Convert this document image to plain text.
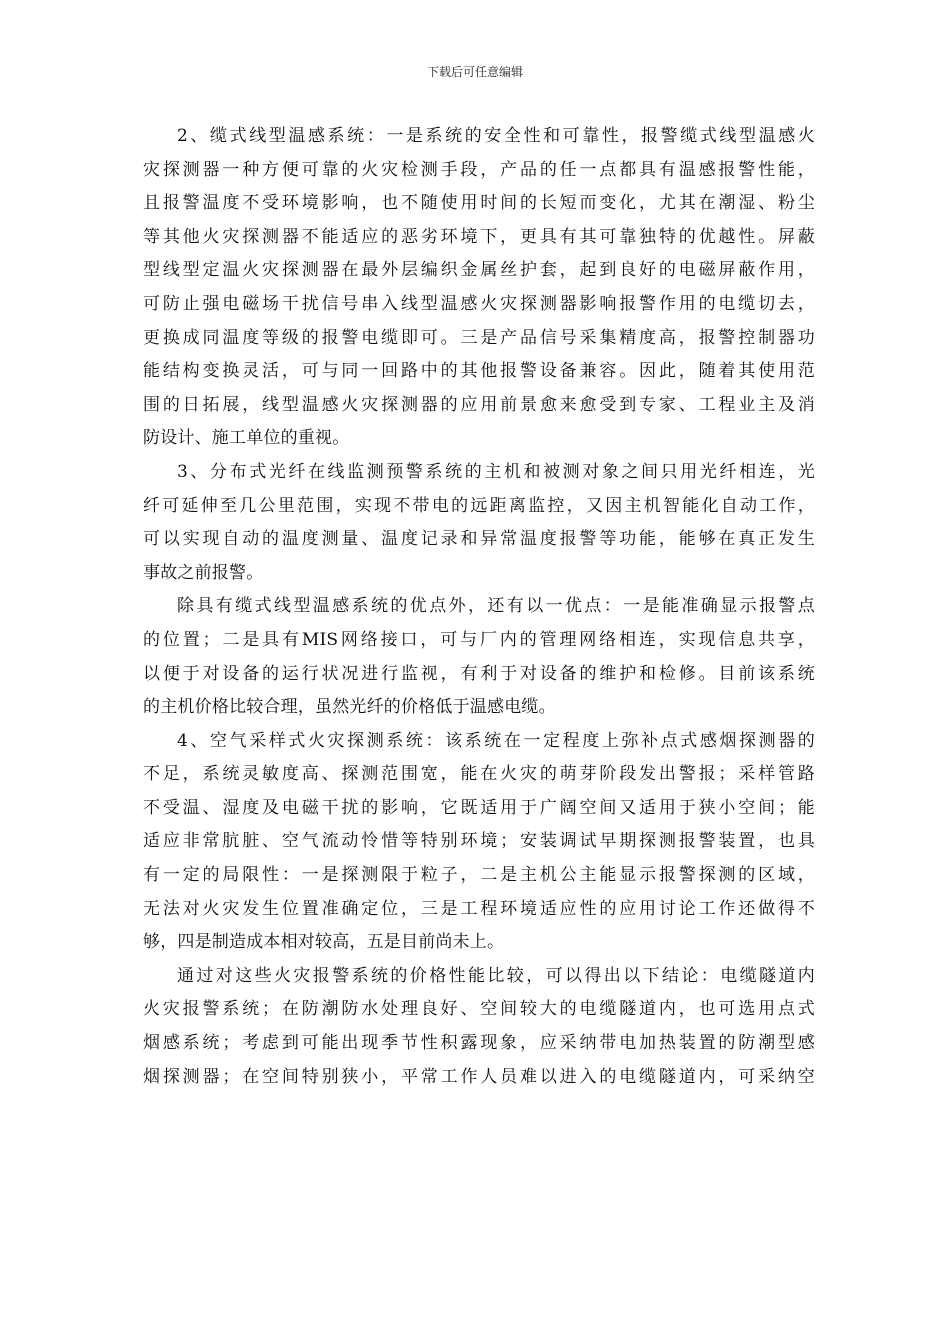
下载后可任意编辑
2、缆式线型温感系统：一是系统的安全性和可靠性，报警缆式线型温感火
灾探测器一种方便可靠的火灾检测手段，产品的任一点都具有温感报警性能，
且报警温度不受环境影响，也不随使用时间的长短而变化，尤其在潮湿、粉尘
等其他火灾探测器不能适应的恶劣环境下，更具有其可靠独特的优越性。屏蔽
型线型定温火灾探测器在最外层编织金属丝护套，起到良好的电磁屏蔽作用，
可防止强电磁场干扰信号串入线型温感火灾探测器影响报警作用的电缆切去，
更换成同温度等级的报警电缆即可。三是产品信号采集精度高，报警控制器功
能结构变换灵活，可与同一回路中的其他报警设备兼容。因此，随着其使用范
围的日拓展，线型温感火灾探测器的应用前景愈来愈受到专家、工程业主及消
防设计、施工单位的重视。
3、分布式光纤在线监测预警系统的主机和被测对象之间只用光纤相连，光
纤可延伸至几公里范围，实现不带电的远距离监控，又因主机智能化自动工作，
可以实现自动的温度测量、温度记录和异常温度报警等功能，能够在真正发生
事故之前报警。
除具有缆式线型温感系统的优点外，还有以一优点：一是能准确显示报警点
的位置；二是具有MIS网络接口，可与厂内的管理网络相连，实现信息共享，
以便于对设备的运行状况进行监视，有利于对设备的维护和检修。目前该系统
的主机价格比较合理，虽然光纤的价格低于温感电缆。
4、空气采样式火灾探测系统：该系统在一定程度上弥补点式感烟探测器的
不足，系统灵敏度高、探测范围宽，能在火灾的萌芽阶段发出警报；采样管路
不受温、湿度及电磁干扰的影响，它既适用于广阔空间又适用于狭小空间；能
适应非常肮脏、空气流动怜惜等特别环境；安装调试早期探测报警装置，也具
有一定的局限性：一是探测限于粒子，二是主机公主能显示报警探测的区域，
无法对火灾发生位置准确定位，三是工程环境适应性的应用讨论工作还做得不
够，四是制造成本相对较高，五是目前尚未上。
通过对这些火灾报警系统的价格性能比较，可以得出以下结论：电缆隧道内
火灾报警系统；在防潮防水处理良好、空间较大的电缆隧道内，也可选用点式
烟感系统；考虑到可能出现季节性积露现象，应采纳带电加热装置的防潮型感
烟探测器；在空间特别狭小，平常工作人员难以进入的电缆隧道内，可采纳空
